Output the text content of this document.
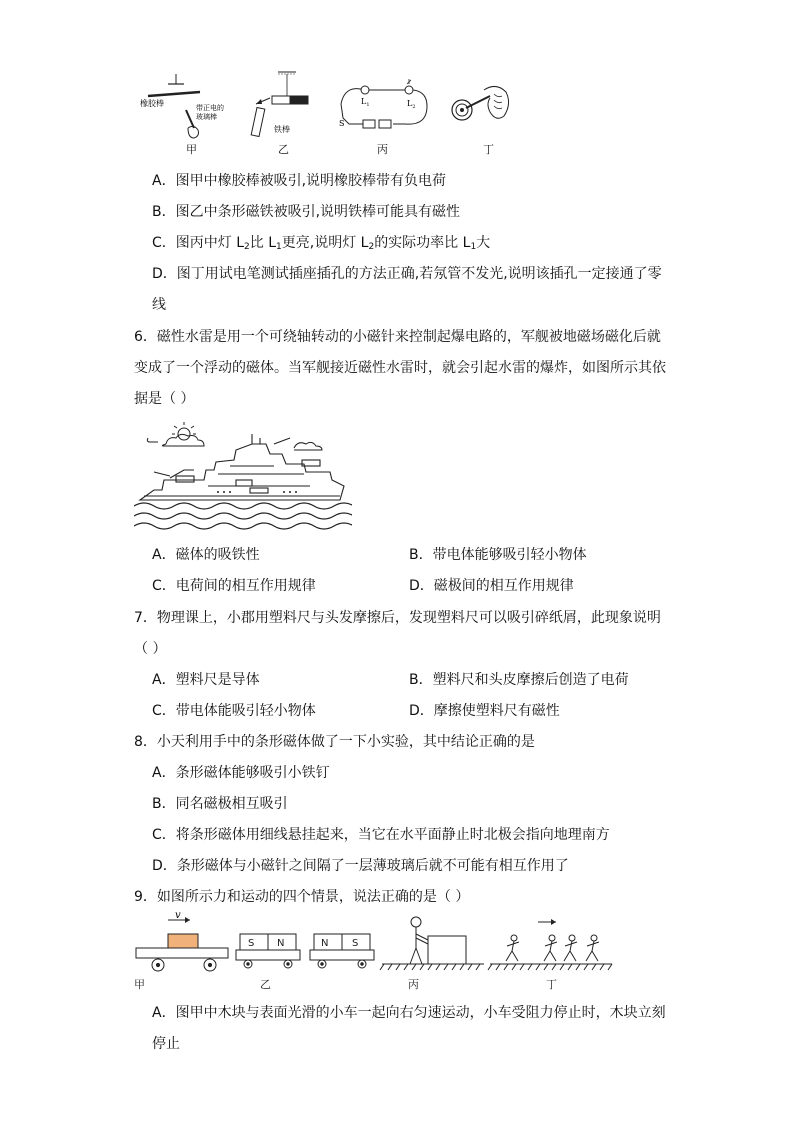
橡胶棒	带正电的
玻璃棒
铁棒
$L_1$	$L_2$
S
甲	乙	丙	丁
A．图甲中橡胶棒被吸引,说明橡胶棒带有负电荷
B．图乙中条形磁铁被吸引,说明铁棒可能具有磁性
C．图丙中灯 $L_2$比 $L_1$更亮,说明灯 $L_2$的实际功率比 $L_1$大
D．图丁用试电笔测试插座插孔的方法正确,若氖管不发光,说明该插孔一定接通了零
线
6．磁性水雷是用一个可绕轴转动的小磁针来控制起爆电路的，军舰被地磁场磁化后就
变成了一个浮动的磁体。当军舰接近磁性水雷时，就会引起水雷的爆炸，如图所示其依
据是（ ）
A．磁体的吸铁性	B．带电体能够吸引轻小物体
C．电荷间的相互作用规律	D．磁极间的相互作用规律
7．物理课上，小郡用塑料尺与头发摩擦后，发现塑料尺可以吸引碎纸屑，此现象说明
（ ）
A．塑料尺是导体	B．塑料尺和头皮摩擦后创造了电荷
C．带电体能吸引轻小物体	D．摩擦使塑料尺有磁性
8．小天利用手中的条形磁体做了一下小实验，其中结论正确的是
A．条形磁体能够吸引小铁钉
B．同名磁极相互吸引
C．将条形磁体用细线悬挂起来，当它在水平面静止时北极会指向地理南方
D．条形磁体与小磁针之间隔了一层薄玻璃后就不可能有相互作用了
9．如图所示力和运动的四个情景，说法正确的是（ ）
v
S N	N S
甲	乙	丙	丁
A．图甲中木块与表面光滑的小车一起向右匀速运动，小车受阻力停止时，木块立刻
停止
